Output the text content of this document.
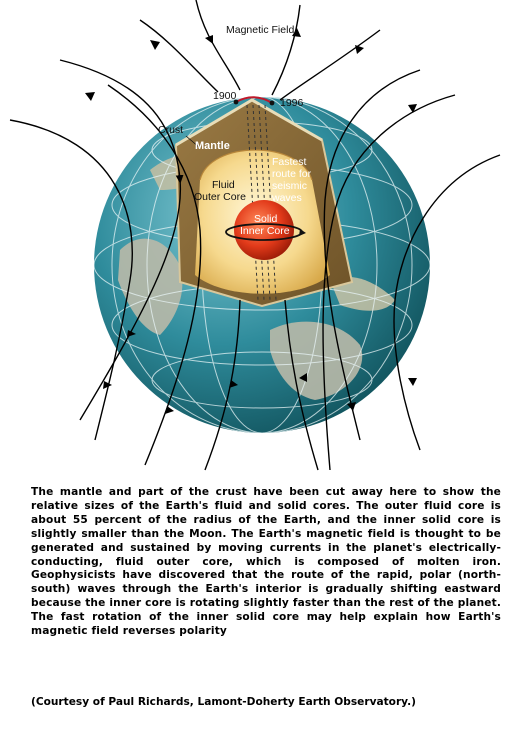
Magnetic Field
1900
1996
Crust
Mantle
Fastest
route for
seismic
waves
Fluid
Outer Core
Solid
Inner Core

The mantle and part of the crust have been cut away here to show the relative sizes of the Earth's fluid and solid cores. The outer fluid core is about 55 percent of the radius of the Earth, and the inner solid core is slightly smaller than the Moon. The Earth's magnetic field is thought to be generated and sustained by moving currents in the planet's electrically-conducting, fluid outer core, which is composed of molten iron. Geophysicists have discovered that the route of the rapid, polar (north-south) waves through the Earth's interior is gradually shifting eastward because the inner core is rotating slightly faster than the rest of the planet. The fast rotation of the inner solid core may help explain how Earth's magnetic field reverses polarity

(Courtesy of Paul Richards, Lamont-Doherty Earth Observatory.)
